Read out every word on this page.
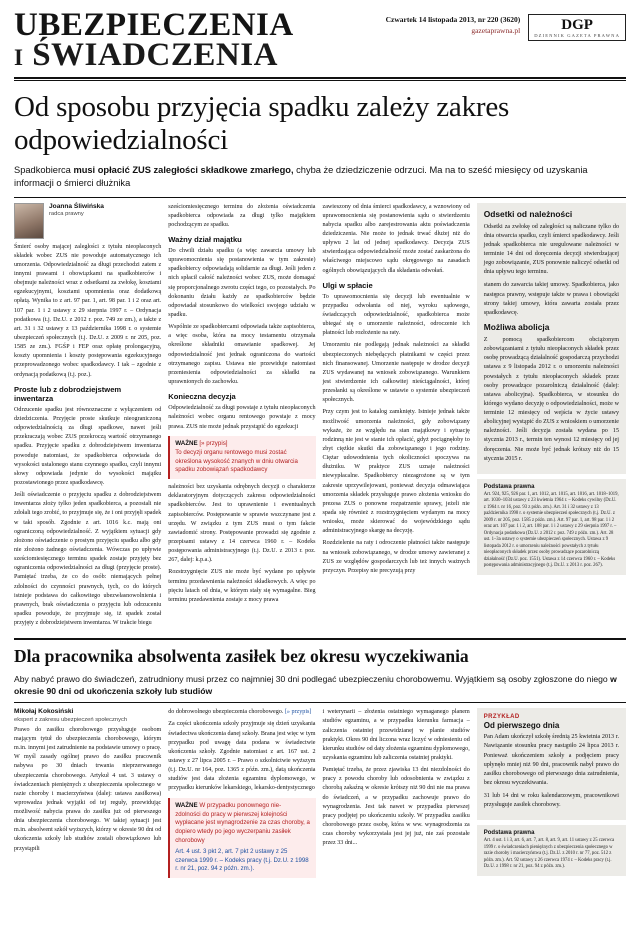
UBEZPIECZENIA
i ŚWIADCZENIA
Czwartek 14 listopada 2013, nr 220 (3620)
gazetaprawna.pl	DGP
DZIENNIK GAZETA PRAWNA
Od sposobu przyjęcia spadku zależy zakres odpowiedzialności
Spadkobierca musi opłacić ZUS zaległości składkowe zmarłego, chyba że dziedziczenie odrzuci. Ma na to sześć miesięcy od uzyskania informacji o śmierci dłużnika
Joanna Śliwińska
radca prawny

Śmierć osoby mającej zaległości z tytułu nieopłaconych składek wobec ZUS nie powoduje automatycznego ich umorzenia. Odpowiedzialność za długi przechodzi zatem z innymi prawami i obowiązkami na spadkobierców i obejmuje należności wraz z odsetkami za zwłokę, kosztami egzekucyjnymi, kosztami upomnienia oraz dodatkową opłatą. Wynika to z art. 97 par. 1, art. 98 par. 1 i 2 oraz art. 107 par. 1 i 2 ustawy z 29 sierpnia 1997 r. – Ordynacja podatkowa (t.j. Dz.U. z 2012 r. poz. 749 ze zm.), a także z art. 31 i 32 ustawy z 13 października 1998 r. o systemie ubezpieczeń społecznych (t.j. Dz.U. z 2009 r. nr 205, poz. 1585 ze zm.). FGŚP i FEP oraz opłatę prolongacyjną, koszty upomnienia i koszty postępowania egzekucyjnego przeprowadzonego wobec spadkodawcy. I tak – zgodnie z ordynacją podatkową (t.j. poz.).

Proste lub z dobrodziejstwem inwentarza

Odrzucenie spadku jest równoznaczne z wyłączeniem od dziedziczenia. Przyjęcie proste skutkuje nieograniczoną odpowiedzialnością za długi spadkowe, nawet jeśli przekraczają wobec ZUS przekroczą wartość otrzymanego spadku. Przyjęcie spadku z dobrodziejstwem inwentarza powoduje natomiast, że spadkobierca odpowiada do wysokości ustalonego stanu czynnego spadku, czyli innymi słowy odpowiada jedynie do wysokości majątku pozostawionego przez spadkodawcę.

Jeśli oświadczenie o przyjęciu spadku z dobrodziejstwem inwentarza złoży tylko jeden spadkobierca, a pozostali nie zdołali tego zrobić, to przyjmuje się, że i oni przyjęli spadek w taki sposób. Zgodnie z art. 1016 k.c. mają oni ograniczoną odpowiedzialność. Z wyjątkiem sytuacji gdy złożono oświadczenie o prostym przyjęciu spadku albo gdy nie złożono żadnego oświadczenia. Wówczas po upływie sześciomiesięcznego terminu spadek zostaje przyjęty bez ograniczenia odpowiedzialności za długi (przyjęcie proste). Pamiętać trzeba, że co do osób: niemających pełnej zdolności do czynności prawnych, tych, co do których istnieje podstawa do całkowitego ubezwłasnowolnienia i prawnych, brak oświadczenia o przyjęciu lub odrzuceniu spadku powoduje, że przyjmuje się, iż spadek został przyjęty z dobrodziejstwem inwentarza. W trakcie biegu

sześciomiesięcznego terminu do złożenia oświadczenia spadkobierca odpowiada za długi tylko majątkiem pochodzącym ze spadku.

Ważny dział majątku

Do chwili działu spadku (a więc zawarcia umowy lub uprawomocnienia się postanowienia w tym zakresie) spadkobiercy odpowiadają solidarnie za długi. Jeśli jeden z nich spłacił całość należności wobec ZUS, może domagać się proporcjonalnego zwrotu części tego, co pozostałych. Po dokonaniu działu każdy ze spadkobierców będzie odpowiadał stosunkowo do wielkości swojego udziału w spadku.

Wspólnie ze spadkobiercami odpowiada także zapisobierca, a więc osoba, która na mocy testamentu otrzymała określone składniki omawianie spadkowej. Jej odpowiedzialność jest jednak ograniczona do wartości otrzymanego zapisu. Ustawa nie przewiduje natomiast przeniesienia odpowiedzialności za składki na uprawnionych do zachowku.

Konieczna decyzja

Odpowiedzialność za długi powstaje z tytułu nieopłaconych należności wobec organu rentowego powstaje z mocy prawa. ZUS nie może jednak przystąpić do egzekucji

WAŻNE [» przypis]

To decyzji organu rentowego musi zostać określona wysokość znanych w dniu otwarcia spadku zobowiązań spadkodawcy

należności bez uzyskania odrębnych decyzji o charakterze deklaratoryjnym dotyczących zakresu odpowiedzialności spadkobierców. Jest to uprawnienie i ewentualnych zapisobierców. Postępowanie w sprawie wszczynane jest z urzędu. W związku z tym ZUS musi o tym fakcie zawiadomić strony. Postępowanie prowadzi się zgodnie z przepisami ustawy z 14 czerwca 1960 r. – Kodeks postępowania administracyjnego (t.j. Dz.U. z 2013 r. poz. 267, dalej: k.p.a.).

Rozstrzygnięcie ZUS nie może być wydane po upływie terminu przedawnienia należności składkowych. A więc po pięciu latach od dnia, w którym stały się wymagalne. Bieg terminu przedawnienia zostaje z mocy prawa

zawieszony od dnia śmierci spadkodawcy, a wznowiony od uprawomocnienia się postanowienia sądu o stwierdzeniu nabycia spadku albo zarejestrowania aktu poświadczenia dziedziczenia. Nie może to jednak trwać dłużej niż do upływu 2 lat od jednej spadkodawcy. Decyzja ZUS stwierdzająca odpowiedzialność może zostać zaskarżona do właściwego miejscowo sądu okręgowego na zasadach ogólnych obowiązujących dla składania odwołań.

Ulgi w spłacie

To uprawomocnienia się decyzji lub ewentualnie w przypadku odwołania od niej, wyroku sądowego, świadczących odpowiedzialność, spadkobierca może ubiegać się o umorzenie należności, odroczenie ich płatności lub rozłożenie na raty.

Umorzeniu nie podlegają jednak należności za składki ubezpieczonych niebędących płatnikami w części przez nich finansowanej. Umorzenie następuje w drodze decyzji ZUS wydawanej na wniosek zobowiązanego. Warunkiem jest stwierdzenie ich całkowitej nieściągalności, której przesłanki są określone w ustawie o systemie ubezpieczeń społecznych.

Przy czym jest to katalog zamknięty. Istnieje jednak także możliwość umorzenia należności, gdy zobowiązany wykaże, że ze względu na stan majątkowy i sytuację rodzinną nie jest w stanie ich opłacić, gdyż pociągnęłoby to zbyt ciężkie skutki dla zobowiązanego i jego rodziny. Ciężar udowodnienia tych okoliczności spoczywa na dłużniku. W praktyce ZUS uznaje należności niewypłacalne. Spadkobiercy niezagrożone są w tym zakresie uprzywilejowani, ponieważ decyzja odmawiająca umorzenia składek przysługuje prawo złożenia wniosku do prezesa ZUS o ponowne rozpatrzenie sprawy, jeżeli nie spada się również z rozstrzygnięciem wydanym na mocy wniosku, może skierować do wojewódzkiego sądu administracyjnego skargę na decyzję.

Rozdzielenie na raty i odroczenie płatności także następuje na wniosek zobowiązanego, w drodze umowy zawieranej z ZUS ze względów gospodarczych lub też innych ważnych przyczyn. Przepisy nie precyzują przy

Odsetki od należności

Odsetki za zwłokę od zaległości są naliczane tylko do dnia otwarcia spadku, czyli śmierci spadkodawcy. Jeśli jednak spadkobierca nie uregulowane należności w terminie 14 dni od doręczenia decyzji stwierdzającej jego zobowiązanie, ZUS ponownie naliczyć odsetki od dnia upływu tego terminu.

stanem do zawarcia takiej umowy. Spadkobierca, jako następca prawny, wstępuje także w prawa i obowiązki strony takiej umowy, która zawarta została przez spadkodawcę.

Możliwa abolicja

Z pomocą spadkobiercom obciążonym zobowiązaniami z tytułu nieopłaconych składek przez osobę prowadzącą działalność gospodarczą przychodzi ustawa z 9 listopada 2012 r. o umorzeniu należności powstałych z tytułu nieopłaconych składek przez osoby prowadzące pozarolniczą działalność (dalej: ustawa abolicyjna). Spadkobierca, w stosunku do którego wydano decyzję o odpowiedzialności, może w terminie 12 miesięcy od wejścia w życie ustawy abolicyjnej wystąpić do ZUS z wnioskiem o umorzenie należności. Jeśli decyzja została wydana po 15 stycznia 2013 r., termin ten wynosi 12 miesięcy od jej doręczenia. Nie może być jednak krótszy niż do 15 stycznia 2015 r.

Podstawa prawna

Art. 924, 925, 926 par. 1, art. 1012, art. 1015, art. 1016, art. 1018–1019, art. 1030–1034 ustawy z 23 kwietnia 1964 r. – Kodeks cywilny (Dz.U. z 1964 r. nr 16, poz. 93 z późn. zm.). Art. 31 i 32 ustawy z 13 października 1998 r. o systemie ubezpieczeń społecznych (t.j. Dz.U. z 2009 r. nr 205, poz. 1585 z późn. zm.). Art. 97 par. 1, art. 98 par. 1 i 2 oraz art. 107 par. 1 i 2, art. 108 par. 1 i 2 ustawy z 29 sierpnia 1997 r. – Ordynacja podatkowa (Dz.U. z 2012 r. poz. 749 z późn. zm.). Art. 28 ust. 1–3a ustawy o systemie ubezpieczeń społecznych. Ustawa z 9 listopada 2012 r. o umorzeniu należności powstałych z tytułu nieopłaconych składek przez osoby prowadzące pozarolniczą działalność (Dz.U. poz. 1551). Ustawa z 14 czerwca 1960 r. – Kodeks postępowania administracyjnego (t.j. Dz.U. z 2013 r. poz. 267).

Dla pracownika absolwenta zasiłek bez okresu wyczekiwania
Aby nabyć prawo do świadczeń, zatrudniony musi przez co najmniej 30 dni podlegać ubezpieczeniu chorobowemu. Wyjątkiem są osoby zgłoszone do niego w okresie 90 dni od ukończenia szkoły lub studiów
Mikołaj Kokosiński
ekspert z zakresu ubezpieczeń społecznych

Prawo do zasiłku chorobowego przysługuje osobom mającym tytuł do ubezpieczenia chorobowego, którym m.in. innymi jest zatrudnienie na podstawie umowy o pracę. W myśl zasady ogólnej prawo do zasiłku pracownik nabywa po 30 dniach trwania nieprzerwanego ubezpieczenia chorobowego. Artykuł 4 ust. 3 ustawy o świadczeniach pieniężnych z ubezpieczenia społecznego w razie choroby i macierzyństwa (dalej: ustawa zasiłkowa) wprowadza jednak wyjątki od tej reguły, przewidując możliwość nabycia prawa do zasiłku już od pierwszego dnia ubezpieczenia chorobowego. W takiej sytuacji jest m.in. absolwent szkół wyższych, którzy w okresie 90 dni od ukończenia szkoły lub studiów zostali obowiązkowo lub przystąpili

do dobrowolnego ubezpieczenia chorobowego. [» przypis]

Za części ukończenia szkoły przyjmuje się dzień uzyskania świadectwa ukończenia danej szkoły. Brana jest więc w tym przypadku pod uwagę data podana w świadectwie ukończenia szkoły. Zgodnie natomiast z art. 167 ust. 2 ustawy z 27 lipca 2005 r. – Prawo o szkolnictwie wyższym (t.j. Dz.U. nr 164, poz. 1365 z późn. zm.), datą ukończenia studiów jest data złożenia egzaminu dyplomowego, w przypadku kierunków lekarskiego, lekarsko-dentystycznego

WAŻNE W przypadku ponownego nie-

zdolności do pracy w pierwszej kolejności wypłacane jest wynagrodzenie za czas choroby, a dopiero wtedy po jego wyczerpaniu zasiłek chorobowy

Art. 4 ust. 3 pkt 2, art. 7 pkt 2 ustawy z 25 czerwca 1999 r. – Kodeks pracy (t.j. Dz.U. z 1998 r. nr 21, poz. 94 z późn. zm.).

i weterynarii – złożenia ostatniego wymaganego planem studiów egzaminu, a w przypadku kierunku farmacja – zaliczenia ostatniej przewidzianej w planie studiów praktyki. Okres 90 dni liczona wraz liczyć w odniesieniu od kierunku studiów od daty złożenia egzaminu dyplomowego, uzyskania egzaminu lub zaliczenia ostatniej praktyki.

Pamiętać trzeba, że przez zjawiska 13 dni niezdolności do pracy z powodu choroby lub odosobnienia w związku z chorobą zakaźną w okresie krótszy niż 90 dni nie ma prawa do świadczeń, a w przypadku zachowuje prawo do wynagrodzenia. Jest tak nawet w przypadku pierwszej pracy podjętej po ukończeniu szkoły. W przypadku zasiłku chorobowego przez osobę, która w ww. wynagrodzenia za czas choroby wykorzystała jest jej już, nie zaś pozostałe przez 33 dni...

PRZYKŁAD
Od pierwszego dnia

Pan Adam ukończył szkołę średnią 25 kwietnia 2013 r. Nawiązanie stosunku pracy nastąpiło 24 lipca 2013 r. Ponieważ ukończeniem szkoły a podjęciem pracy upłynęło mniej niż 90 dni, pracownik nabył prawo do zasiłku chorobowego od pierwszego dnia zatrudnienia, bez okresu wyczekiwania.

31 lub 14 dni w roku kalendarzowym, pracownikowi przysługuje zasiłek chorobowy.

Podstawa prawna

Art. 4 ust. 1 i 3, art. 6, art. 7, art. 8, art. 9, art. 11 ustawy z 25 czerwca 1999 r. o świadczeniach pieniężnych z ubezpieczenia społecznego w razie choroby i macierzyństwa (t.j. Dz.U. z 2010 r. nr 77, poz. 512 z późn. zm.). Art. 92 ustawy z 26 czerwca 1974 r. – Kodeks pracy (t.j. Dz.U. z 1998 r. nr 21, poz. 94 z późn. zm.).
